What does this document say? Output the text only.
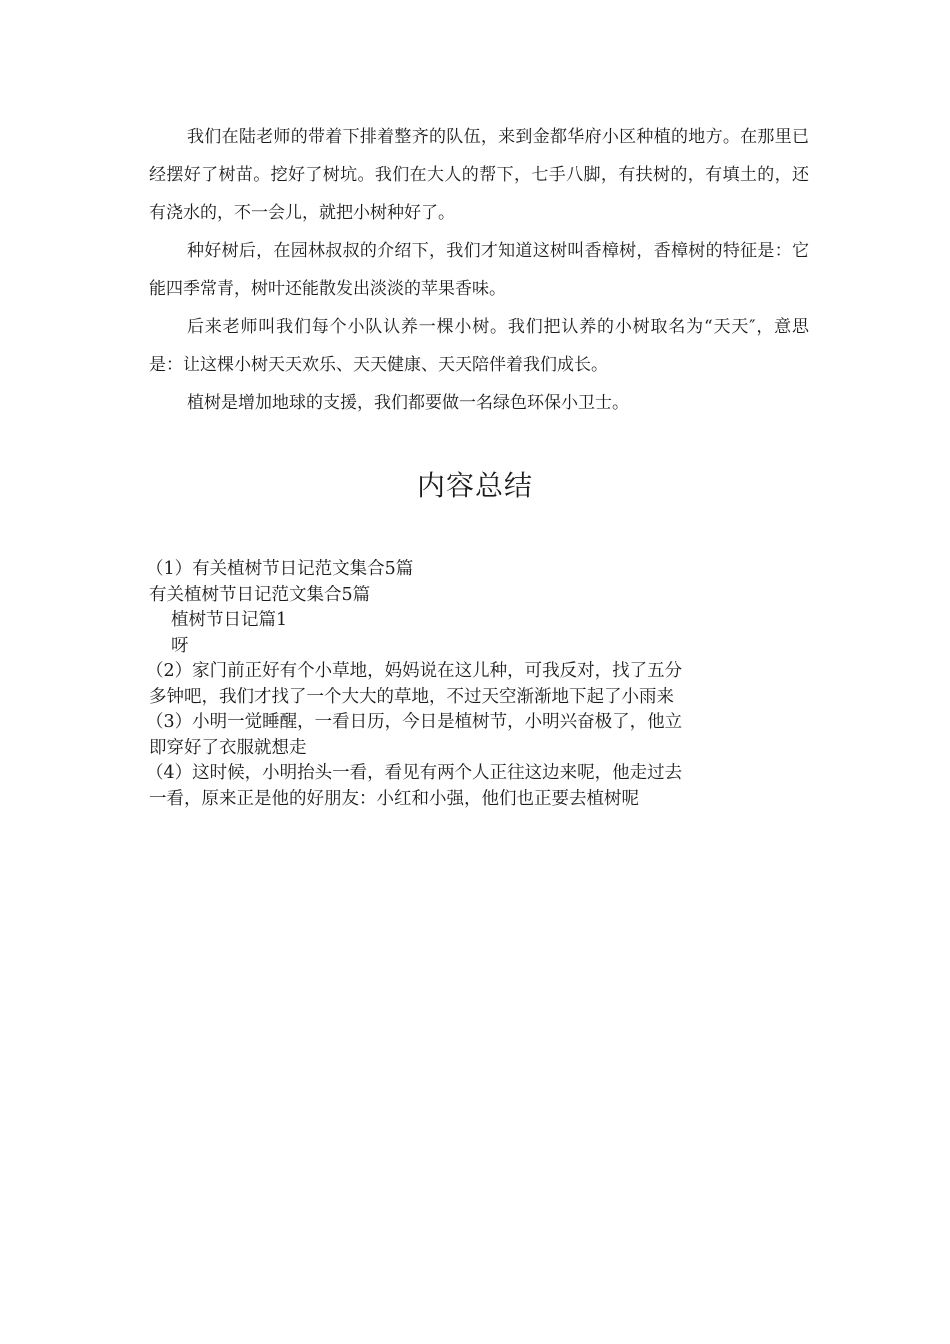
我们在陆老师的带着下排着整齐的队伍，来到金都华府小区种植的地方。在那里已经摆好了树苗。挖好了树坑。我们在大人的帮下，七手八脚，有扶树的，有填土的，还有浇水的，不一会儿，就把小树种好了。

种好树后，在园林叔叔的介绍下，我们才知道这树叫香樟树，香樟树的特征是：它能四季常青，树叶还能散发出淡淡的苹果香味。

后来老师叫我们每个小队认养一棵小树。我们把认养的小树取名为“天天″，意思是：让这棵小树天天欢乐、天天健康、天天陪伴着我们成长。

植树是增加地球的支援，我们都要做一名绿色环保小卫士。

内容总结

（1）有关植树节日记范文集合5篇

有关植树节日记范文集合5篇

植树节日记篇1

呀

（2）家门前正好有个小草地，妈妈说在这儿种，可我反对，找了五分

多钟吧，我们才找了一个大大的草地，不过天空渐渐地下起了小雨来

（3）小明一觉睡醒，一看日历，今日是植树节，小明兴奋极了，他立

即穿好了衣服就想走

（4）这时候，小明抬头一看，看见有两个人正往这边来呢，他走过去

一看，原来正是他的好朋友：小红和小强，他们也正要去植树呢
